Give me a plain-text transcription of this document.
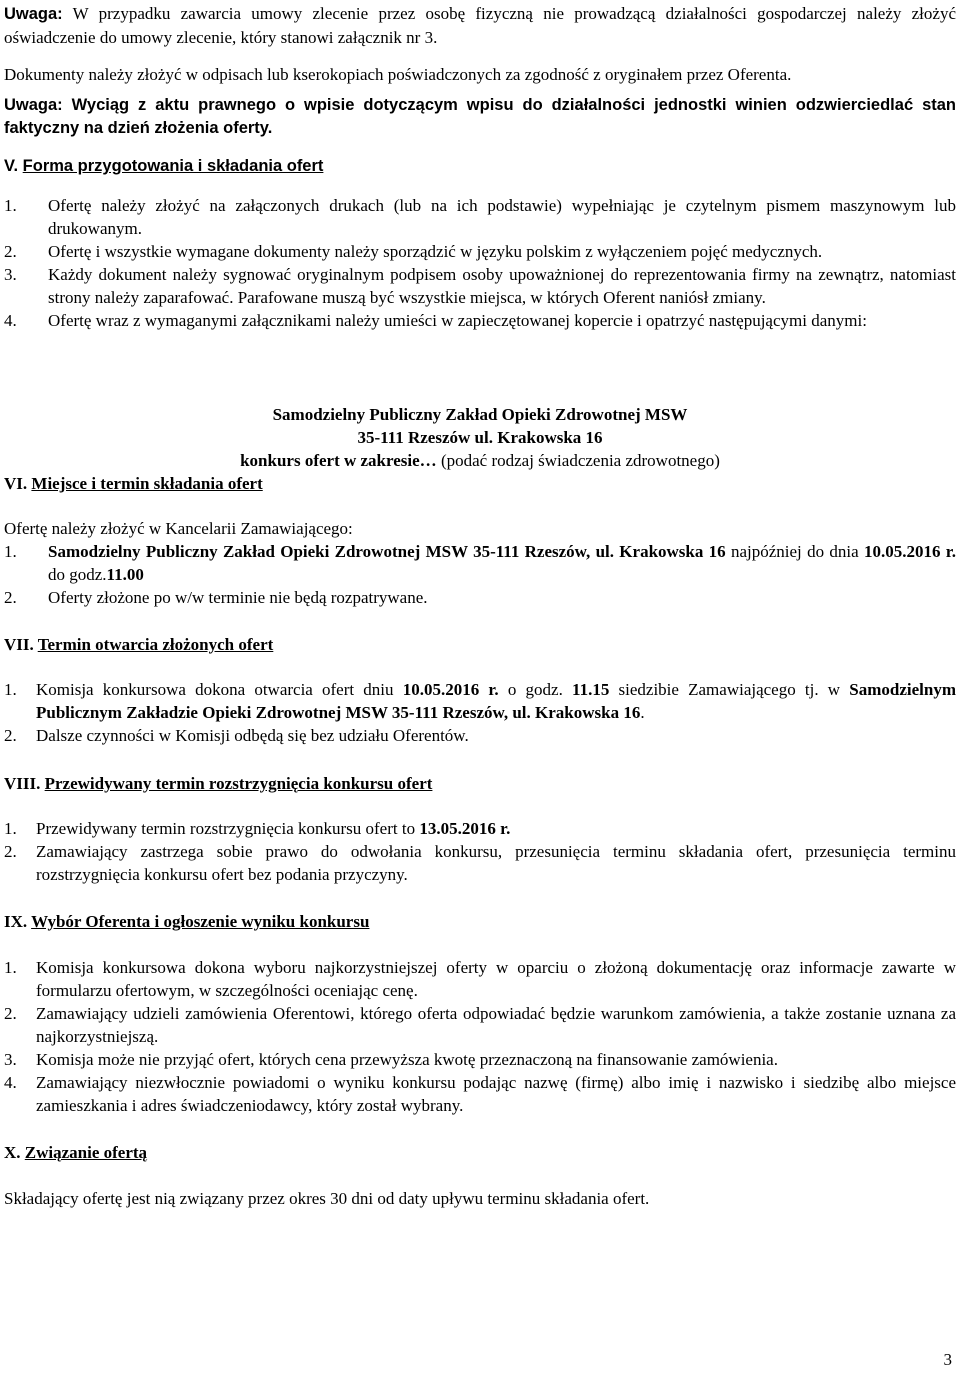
Uwaga: W przypadku zawarcia umowy zlecenie przez osobę fizyczną nie prowadzącą działalności gospodarczej należy złożyć oświadczenie do umowy zlecenie, który stanowi załącznik nr 3.

Dokumenty należy złożyć w odpisach lub kserokopiach poświadczonych za zgodność z oryginałem przez Oferenta.

Uwaga: Wyciąg z aktu prawnego o wpisie dotyczącym wpisu do działalności jednostki winien odzwierciedlać stan faktyczny na dzień złożenia oferty.

V. Forma przygotowania i składania ofert

1. Ofertę należy złożyć na załączonych drukach (lub na ich podstawie) wypełniając je czytelnym pismem maszynowym lub drukowanym.
2. Ofertę i wszystkie wymagane dokumenty należy sporządzić w języku polskim z wyłączeniem pojęć medycznych.
3. Każdy dokument należy sygnować oryginalnym podpisem osoby upoważnionej do reprezentowania firmy na zewnątrz, natomiast strony należy zaparafować. Parafowane muszą być wszystkie miejsca, w których Oferent naniósł zmiany.
4. Ofertę wraz z wymaganymi załącznikami należy umieści w zapieczętowanej kopercie i opatrzyć następującymi danymi:

Samodzielny Publiczny Zakład Opieki Zdrowotnej MSW

35-111 Rzeszów ul. Krakowska 16

konkurs ofert w zakresie… (podać rodzaj świadczenia zdrowotnego)

VI. Miejsce i termin składania ofert

Ofertę należy złożyć w Kancelarii Zamawiającego:

1. Samodzielny Publiczny Zakład Opieki Zdrowotnej MSW 35-111 Rzeszów, ul. Krakowska 16 najpóźniej do dnia 10.05.2016 r. do godz.11.00
2. Oferty złożone po w/w terminie nie będą rozpatrywane.

VII. Termin otwarcia złożonych ofert

1. Komisja konkursowa dokona otwarcia ofert dniu 10.05.2016 r. o godz. 11.15 siedzibie Zamawiającego tj. w Samodzielnym Publicznym Zakładzie Opieki Zdrowotnej MSW 35-111 Rzeszów, ul. Krakowska 16.
2. Dalsze czynności w Komisji odbędą się bez udziału Oferentów.

VIII. Przewidywany termin rozstrzygnięcia konkursu ofert

1. Przewidywany termin rozstrzygnięcia konkursu ofert to 13.05.2016 r.
2. Zamawiający zastrzega sobie prawo do odwołania konkursu, przesunięcia terminu składania ofert, przesunięcia terminu rozstrzygnięcia konkursu ofert bez podania przyczyny.

IX. Wybór Oferenta i ogłoszenie wyniku konkursu

1. Komisja konkursowa dokona wyboru najkorzystniejszej oferty w oparciu o złożoną dokumentację oraz informacje zawarte w formularzu ofertowym, w szczególności oceniając cenę.
2. Zamawiający udzieli zamówienia Oferentowi, którego oferta odpowiadać będzie warunkom zamówienia, a także zostanie uznana za najkorzystniejszą.
3. Komisja może nie przyjąć ofert, których cena przewyższa kwotę przeznaczoną na finansowanie zamówienia.
4. Zamawiający niezwłocznie powiadomi o wyniku konkursu podając nazwę (firmę) albo imię i nazwisko i siedzibę albo miejsce zamieszkania i adres świadczeniodawcy, który został wybrany.

X. Związanie ofertą

Składający ofertę jest nią związany przez okres 30 dni od daty upływu terminu składania ofert.

3
